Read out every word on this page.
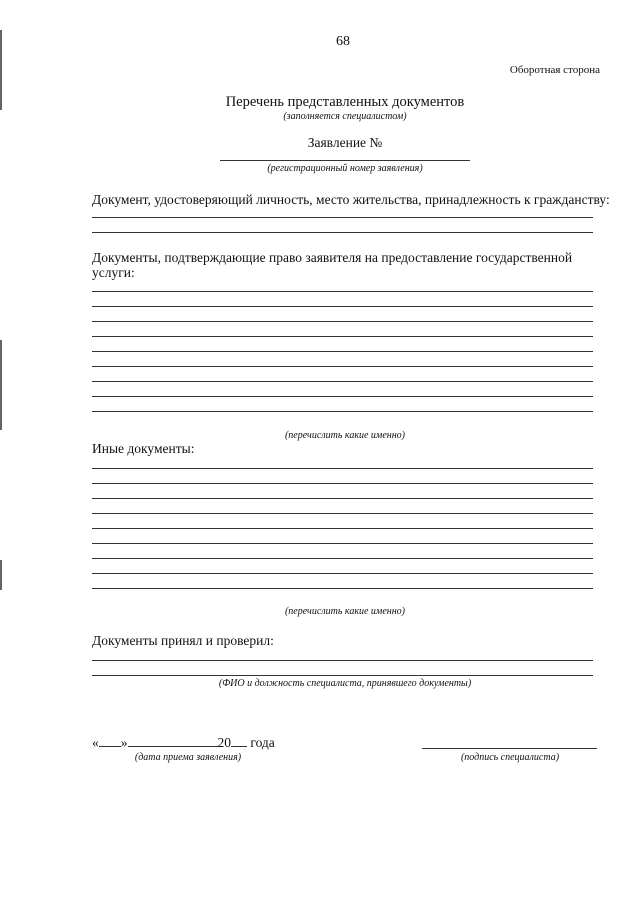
68
Оборотная сторона
Перечень представленных документов
(заполняется специалистом)
Заявление №
(регистрационный номер заявления)
Документ, удостоверяющий личность, место жительства, принадлежность к гражданству:
Документы, подтверждающие право заявителя на предоставление государственной
услуги:
(перечислить какие именно)
Иные документы:
(перечислить какие именно)
Документы принял и проверил:
(ФИО и должность специалиста, принявшего документы)
« »	20 года
(дата приема заявления)	(подпись специалиста)
